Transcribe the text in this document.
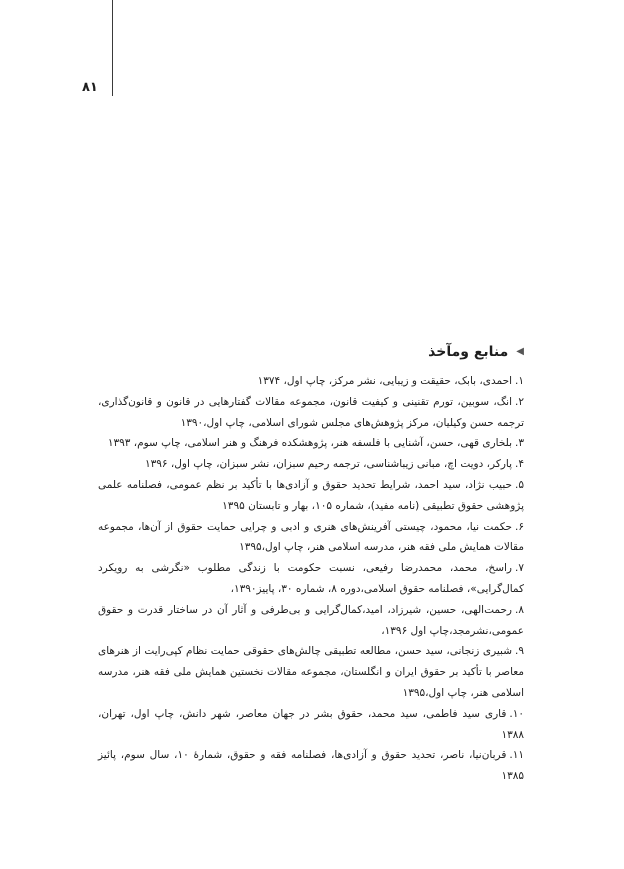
۸۱
◀
منابع ومآخذ
۱.احمدی، بابک، حقیقت و زیبایی، نشر مرکز، چاپ اول، ۱۳۷۴
۲.انگ، سوبین، تورم تقنینی و کیفیت قانون، مجموعه مقالات گفتارهایی در قانون و قانون‌گذاری، ترجمه حسن وکیلیان، مرکز پژوهش‌های مجلس شورای اسلامی، چاپ اول،۱۳۹۰
۳.بلخاری قهی، حسن، آشنایی با فلسفه هنر، پژوهشکده فرهنگ و هنر اسلامی، چاپ سوم، ۱۳۹۳
۴.پارکر، دویت اچ، مبانی زیباشناسی، ترجمه رحیم سبزان، نشر سبزان، چاپ اول، ۱۳۹۶
۵.حبیب نژاد، سید احمد، شرایط تحدید حقوق و آزادی‌ها با تأکید بر نظم عمومی، فصلنامه علمی پژوهشی حقوق تطبیقی (نامه مفید)، شماره ۱۰۵، بهار و تابستان ۱۳۹۵
۶.حکمت نیا، محمود، چیستی آفرینش‌های هنری و ادبی و چرایی حمایت حقوق از آن‌ها، مجموعه مقالات همایش ملی فقه هنر، مدرسه اسلامی هنر، چاپ اول،۱۳۹۵
۷.راسخ، محمد، محمدرضا رفیعی، نسبت حکومت با زندگی مطلوب «نگرشی به رویکرد کمال‌گرایی»، فصلنامه حقوق اسلامی،دوره ۸، شماره ۳۰، پاییز۱۳۹۰،
۸.رحمت‌الهی، حسین، شیرزاد، امید،کمال‌گرایی و بی‌طرفی و آثار آن در ساختار قدرت و حقوق عمومی،نشرمجد،چاپ اول ۱۳۹۶،
۹.شبیری زنجانی، سید حسن، مطالعه تطبیقی چالش‌های حقوقی حمایت نظام کپی‌رایت از هنرهای معاصر با تأکید بر حقوق ایران و انگلستان، مجموعه مقالات نخستین همایش ملی فقه هنر، مدرسه اسلامی هنر، چاپ اول،۱۳۹۵
۱۰.قاری سید فاطمی، سید محمد، حقوق بشر در جهان معاصر، شهر دانش، چاپ اول، تهران، ۱۳۸۸
۱۱.قربان‌نیا، ناصر، تحدید حقوق و آزادی‌ها، فصلنامه فقه و حقوق، شمارهٔ ۱۰، سال سوم، پائیز ۱۳۸۵
